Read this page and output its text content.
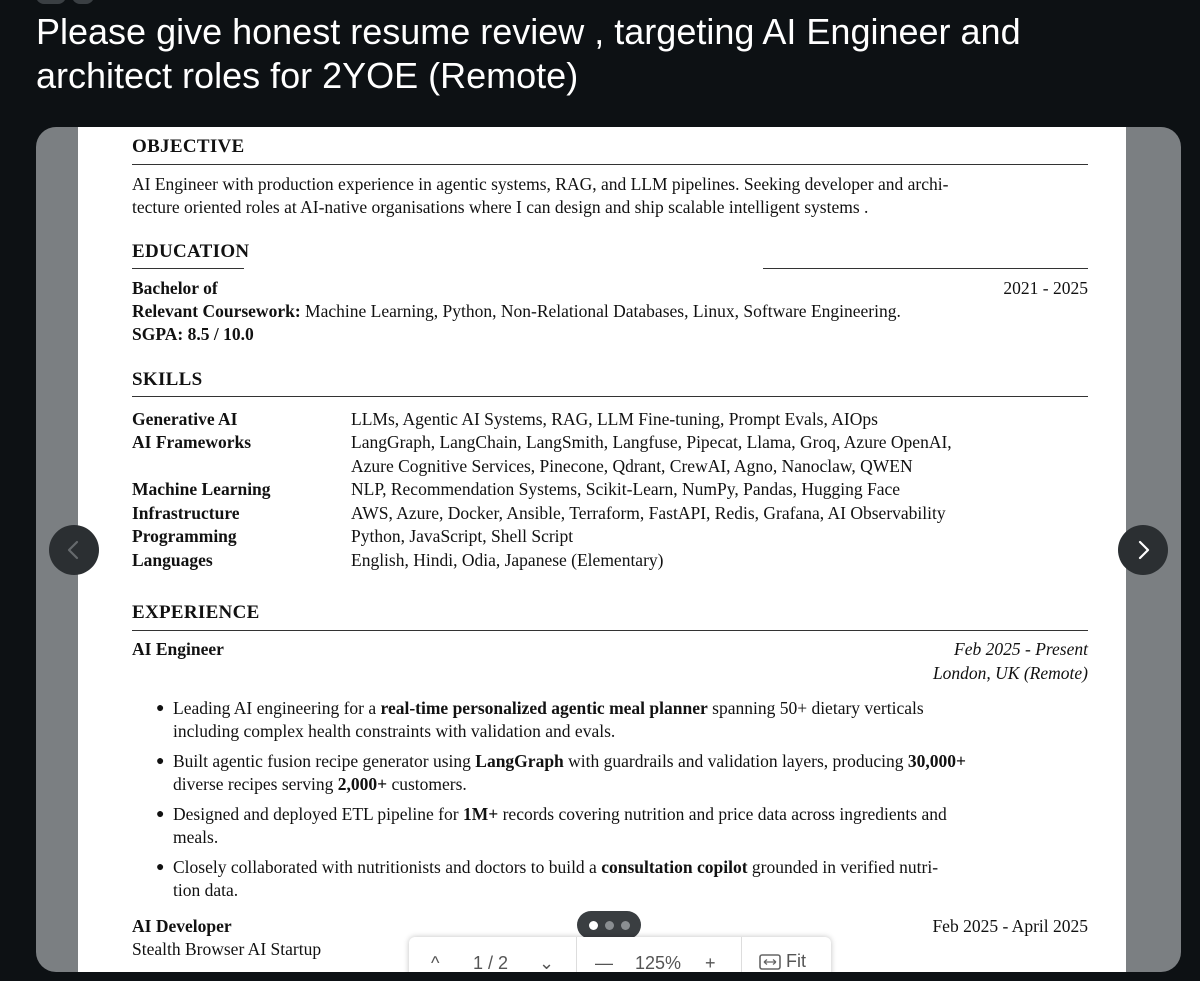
Please give honest resume review , targeting AI Engineer and architect roles for 2YOE (Remote)
OBJECTIVE
AI Engineer with production experience in agentic systems, RAG, and LLM pipelines. Seeking developer and archi-
tecture oriented roles at AI-native organisations where I can design and ship scalable intelligent systems .
EDUCATION
Bachelor of	2021 - 2025
Relevant Coursework: Machine Learning, Python, Non-Relational Databases, Linux, Software Engineering.
SGPA: 8.5 / 10.0
SKILLS
Generative AI	LLMs, Agentic AI Systems, RAG, LLM Fine-tuning, Prompt Evals, AIOps
AI Frameworks	LangGraph, LangChain, LangSmith, Langfuse, Pipecat, Llama, Groq, Azure OpenAI,
Azure Cognitive Services, Pinecone, Qdrant, CrewAI, Agno, Nanoclaw, QWEN
Machine Learning	NLP, Recommendation Systems, Scikit-Learn, NumPy, Pandas, Hugging Face
Infrastructure	AWS, Azure, Docker, Ansible, Terraform, FastAPI, Redis, Grafana, AI Observability
Programming	Python, JavaScript, Shell Script
Languages	English, Hindi, Odia, Japanese (Elementary)
EXPERIENCE
AI Engineer	Feb 2025 - Present
London, UK (Remote)
● Leading AI engineering for a real-time personalized agentic meal planner spanning 50+ dietary verticals
including complex health constraints with validation and evals.
● Built agentic fusion recipe generator using LangGraph with guardrails and validation layers, producing 30,000+
diverse recipes serving 2,000+ customers.
● Designed and deployed ETL pipeline for 1M+ records covering nutrition and price data across ingredients and
meals.
● Closely collaborated with nutritionists and doctors to build a consultation copilot grounded in verified nutri-
tion data.
AI Developer	Feb 2025 - April 2025
Stealth Browser AI Startup
^ 1 / 2 ⌄ — 125% +	Fit
